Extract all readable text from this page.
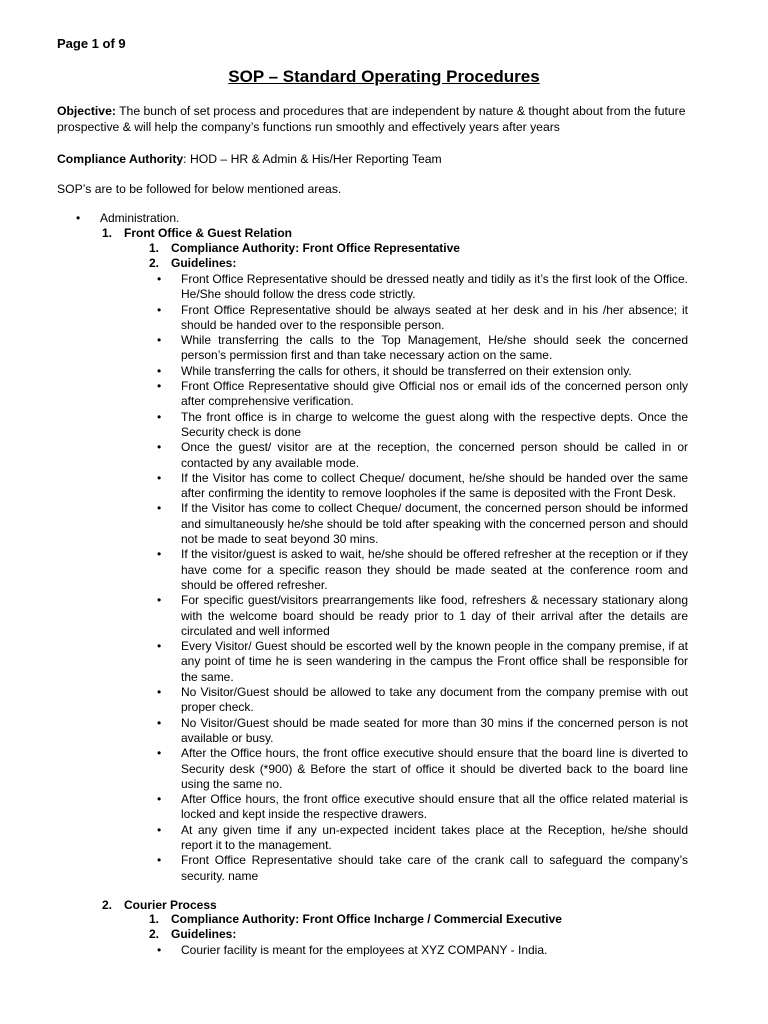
Page 1 of 9
SOP – Standard Operating Procedures
Objective: The bunch of set process and procedures that are independent by nature & thought about from the future prospective & will help the company’s functions run smoothly and effectively years after years
Compliance Authority: HOD – HR & Admin & His/Her Reporting Team
SOP’s are to be followed for below mentioned areas.
• Administration.
1. Front Office & Guest Relation
1. Compliance Authority: Front Office Representative
2. Guidelines:
• Front Office Representative should be dressed neatly and tidily as it’s the first look of the Office. He/She should follow the dress code strictly.
• Front Office Representative should be always seated at her desk and in his /her absence; it should be handed over to the responsible person.
• While transferring the calls to the Top Management, He/she should seek the concerned person’s permission first and than take necessary action on the same.
• While transferring the calls for others, it should be transferred on their extension only.
• Front Office Representative should give Official nos or email ids of the concerned person only after comprehensive verification.
• The front office is in charge to welcome the guest along with the respective depts. Once the Security check is done
• Once the guest/ visitor are at the reception, the concerned person should be called in or contacted by any available mode.
• If the Visitor has come to collect Cheque/ document, he/she should be handed over the same after confirming the identity to remove loopholes if the same is deposited with the Front Desk.
• If the Visitor has come to collect Cheque/ document, the concerned person should be informed and simultaneously he/she should be told after speaking with the concerned person and should not be made to seat beyond 30 mins.
• If the visitor/guest is asked to wait, he/she should be offered refresher at the reception or if they have come for a specific reason they should be made seated at the conference room and should be offered refresher.
• For specific guest/visitors prearrangements like food, refreshers & necessary stationary along with the welcome board should be ready prior to 1 day of their arrival after the details are circulated and well informed
• Every Visitor/ Guest should be escorted well by the known people in the company premise, if at any point of time he is seen wandering in the campus the Front office shall be responsible for the same.
• No Visitor/Guest should be allowed to take any document from the company premise with out proper check.
• No Visitor/Guest should be made seated for more than 30 mins if the concerned person is not available or busy.
• After the Office hours, the front office executive should ensure that the board line is diverted to Security desk (*900) & Before the start of office it should be diverted back to the board line using the same no.
• After Office hours, the front office executive should ensure that all the office related material is locked and kept inside the respective drawers.
• At any given time if any un-expected incident takes place at the Reception, he/she should report it to the management.
• Front Office Representative should take care of the crank call to safeguard the company’s security. name
2. Courier Process
1. Compliance Authority: Front Office Incharge / Commercial Executive
2. Guidelines:
• Courier facility is meant for the employees at XYZ COMPANY - India.
